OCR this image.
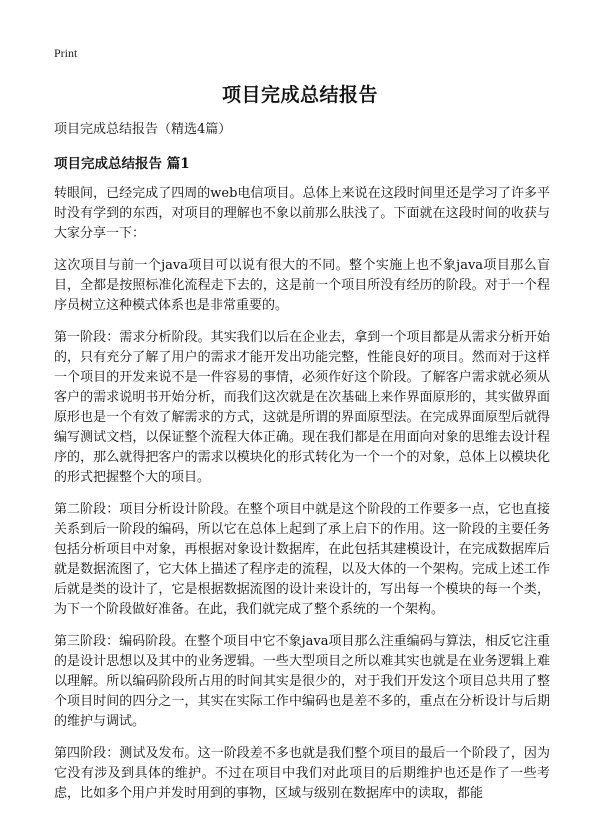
Print
项目完成总结报告
项目完成总结报告（精选4篇）
项目完成总结报告 篇1

转眼间，已经完成了四周的web电信项目。总体上来说在这段时间里还是学习了许多平时没有学到的东西，对项目的理解也不象以前那么肤浅了。下面就在这段时间的收获与大家分享一下：

这次项目与前一个java项目可以说有很大的不同。整个实施上也不象java项目那么盲目，全都是按照标准化流程走下去的，这是前一个项目所没有经历的阶段。对于一个程序员树立这种模式体系也是非常重要的。

第一阶段：需求分析阶段。其实我们以后在企业去，拿到一个项目都是从需求分析开始的，只有充分了解了用户的需求才能开发出功能完整，性能良好的项目。然而对于这样一个项目的开发来说不是一件容易的事情，必须作好这个阶段。了解客户需求就必须从客户的需求说明书开始分析，而我们这次就是在次基础上来作界面原形的，其实做界面原形也是一个有效了解需求的方式，这就是所谓的界面原型法。在完成界面原型后就得编写测试文档，以保证整个流程大体正确。现在我们都是在用面向对象的思维去设计程序的，那么就得把客户的需求以模块化的形式转化为一个一个的对象，总体上以模块化的形式把握整个大的项目。

第二阶段：项目分析设计阶段。在整个项目中就是这个阶段的工作要多一点，它也直接关系到后一阶段的编码，所以它在总体上起到了承上启下的作用。这一阶段的主要任务包括分析项目中对象，再根据对象设计数据库，在此包括其建模设计，在完成数据库后就是数据流图了，它大体上描述了程序走的流程，以及大体的一个架构。完成上述工作后就是类的设计了，它是根据数据流图的设计来设计的，写出每一个模块的每一个类，为下一个阶段做好准备。在此，我们就完成了整个系统的一个架构。

第三阶段：编码阶段。在整个项目中它不象java项目那么注重编码与算法，相反它注重的是设计思想以及其中的业务逻辑。一些大型项目之所以难其实也就是在业务逻辑上难以理解。所以编码阶段所占用的时间其实是很少的，对于我们开发这个项目总共用了整个项目时间的四分之一，其实在实际工作中编码也是差不多的，重点在分析设计与后期的维护与调试。

第四阶段：测试及发布。这一阶段差不多也就是我们整个项目的最后一个阶段了，因为它没有涉及到具体的维护。不过在项目中我们对此项目的后期维护也还是作了一些考虑，比如多个用户并发时用到的事物，区域与级别在数据库中的读取，都能
